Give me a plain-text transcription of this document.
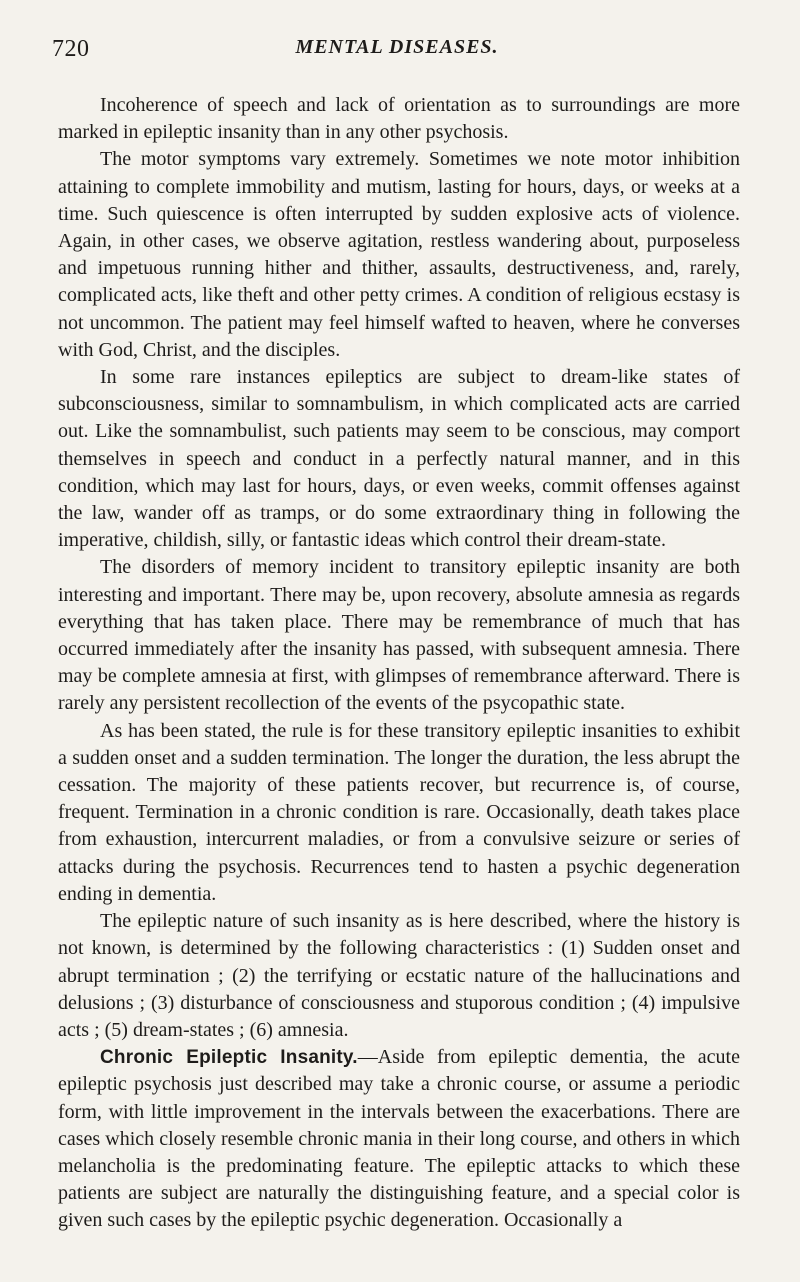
720	MENTAL DISEASES.

Incoherence of speech and lack of orientation as to surroundings are more marked in epileptic insanity than in any other psychosis.

The motor symptoms vary extremely. Sometimes we note motor inhibition attaining to complete immobility and mutism, lasting for hours, days, or weeks at a time. Such quiescence is often interrupted by sudden explosive acts of violence. Again, in other cases, we observe agitation, restless wandering about, purposeless and impetuous running hither and thither, assaults, destructiveness, and, rarely, complicated acts, like theft and other petty crimes. A condition of religious ecstasy is not uncommon. The patient may feel himself wafted to heaven, where he converses with God, Christ, and the disciples.

In some rare instances epileptics are subject to dream-like states of subconsciousness, similar to somnambulism, in which complicated acts are carried out. Like the somnambulist, such patients may seem to be conscious, may comport themselves in speech and conduct in a perfectly natural manner, and in this condition, which may last for hours, days, or even weeks, commit offenses against the law, wander off as tramps, or do some extraordinary thing in following the imperative, childish, silly, or fantastic ideas which control their dream-state.

The disorders of memory incident to transitory epileptic insanity are both interesting and important. There may be, upon recovery, absolute amnesia as regards everything that has taken place. There may be remembrance of much that has occurred immediately after the insanity has passed, with subsequent amnesia. There may be complete amnesia at first, with glimpses of remembrance afterward. There is rarely any persistent recollection of the events of the psycopathic state.

As has been stated, the rule is for these transitory epileptic insanities to exhibit a sudden onset and a sudden termination. The longer the duration, the less abrupt the cessation. The majority of these patients recover, but recurrence is, of course, frequent. Termination in a chronic condition is rare. Occasionally, death takes place from exhaustion, intercurrent maladies, or from a convulsive seizure or series of attacks during the psychosis. Recurrences tend to hasten a psychic degeneration ending in dementia.

The epileptic nature of such insanity as is here described, where the history is not known, is determined by the following characteristics : (1) Sudden onset and abrupt termination ; (2) the terrifying or ecstatic nature of the hallucinations and delusions ; (3) disturbance of consciousness and stuporous condition ; (4) impulsive acts ; (5) dream-states ; (6) amnesia.

Chronic Epileptic Insanity.—Aside from epileptic dementia, the acute epileptic psychosis just described may take a chronic course, or assume a periodic form, with little improvement in the intervals between the exacerbations. There are cases which closely resemble chronic mania in their long course, and others in which melancholia is the predominating feature. The epileptic attacks to which these patients are subject are naturally the distinguishing feature, and a special color is given such cases by the epileptic psychic degeneration. Occasionally a
